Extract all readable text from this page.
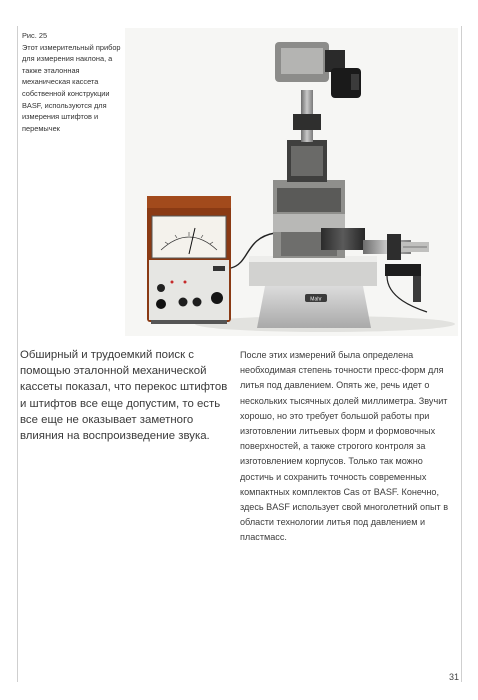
Рис. 25
Этот измерительный прибор для измерения наклона, а также эталонная механическая кассета собственной конструкции BASF, используются для измерения штифтов и перемычек
Mahr
Обширный и трудоемкий поиск с помощью эталонной механической кассеты показал, что перекос штифтов и штифтов все еще допустим, то есть все еще не оказывает заметного влияния на воспроизведение звука.
После этих измерений была определена необходимая степень точности пресс-форм для литья под давлением. Опять же, речь идет о нескольких тысячных долей миллиметра. Звучит хорошо, но это требует большой работы при изготовлении литьевых форм и формовочных поверхностей, а также строгого контроля за изготовлением корпусов. Только так можно достичь и сохранить точность современных компактных комплектов Cas от BASF. Конечно, здесь BASF использует свой многолетний опыт в области технологии литья под давлением и пластмасс.
31
